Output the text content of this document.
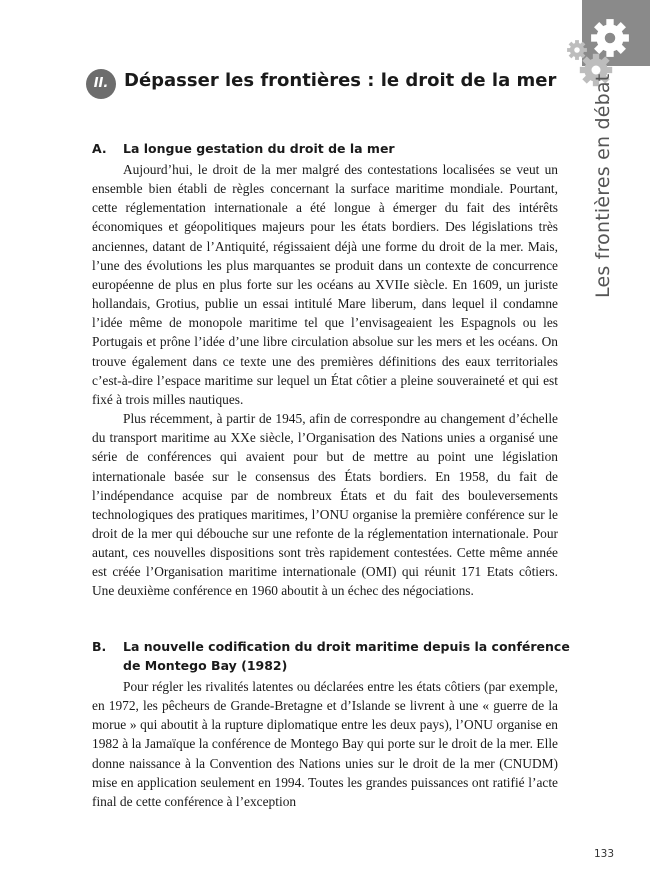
Les frontières en débat
II. Dépasser les frontières : le droit de la mer
A. La longue gestation du droit de la mer

Aujourd’hui, le droit de la mer malgré des contestations localisées se veut un ensemble bien établi de règles concernant la surface maritime mondiale. Pourtant, cette réglementation internationale a été longue à émerger du fait des intérêts économiques et géopolitiques majeurs pour les états bordiers. Des législations très anciennes, datant de l’Antiquité, régissaient déjà une forme du droit de la mer. Mais, l’une des évolutions les plus marquantes se produit dans un contexte de concurrence européenne de plus en plus forte sur les océans au XVIIe siècle. En 1609, un juriste hollandais, Grotius, publie un essai intitulé Mare liberum, dans lequel il condamne l’idée même de monopole maritime tel que l’envisageaient les Espagnols ou les Portugais et prône l’idée d’une libre circulation absolue sur les mers et les océans. On trouve également dans ce texte une des premières définitions des eaux territoriales c’est-à-dire l’espace maritime sur lequel un État côtier a pleine souveraineté et qui est fixé à trois milles nautiques.

Plus récemment, à partir de 1945, afin de correspondre au changement d’échelle du transport maritime au XXe siècle, l’Organisation des Nations unies a organisé une série de conférences qui avaient pour but de mettre au point une législation internationale basée sur le consensus des États bordiers. En 1958, du fait de l’indépendance acquise par de nombreux États et du fait des bouleversements technologiques des pratiques maritimes, l’ONU organise la première conférence sur le droit de la mer qui débouche sur une refonte de la réglementation internationale. Pour autant, ces nouvelles dispositions sont très rapidement contestées. Cette même année est créée l’Organisation maritime internationale (OMI) qui réunit 171 Etats côtiers. Une deuxième conférence en 1960 aboutit à un échec des négociations.

B. La nouvelle codification du droit maritime depuis la conférence de Montego Bay (1982)

Pour régler les rivalités latentes ou déclarées entre les états côtiers (par exemple, en 1972, les pêcheurs de Grande-Bretagne et d’Islande se livrent à une « guerre de la morue » qui aboutit à la rupture diplomatique entre les deux pays), l’ONU organise en 1982 à la Jamaïque la conférence de Montego Bay qui porte sur le droit de la mer. Elle donne naissance à la Convention des Nations unies sur le droit de la mer (CNUDM) mise en application seulement en 1994. Toutes les grandes puissances ont ratifié l’acte final de cette conférence à l’exception

133
